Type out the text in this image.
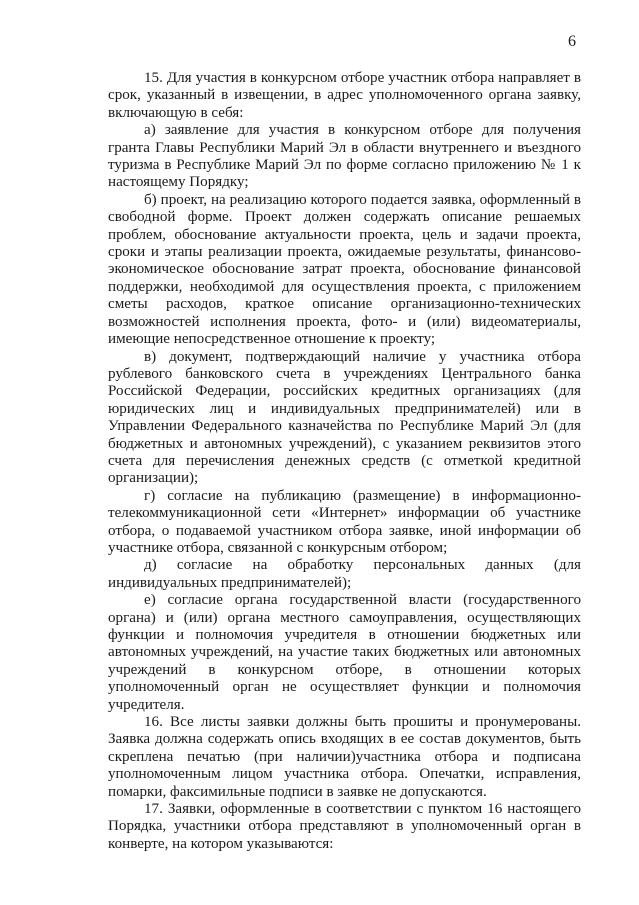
6

15. Для участия в конкурсном отборе участник отбора направляет в срок, указанный в извещении, в адрес уполномоченного органа заявку, включающую в себя:

а) заявление для участия в конкурсном отборе для получения гранта Главы Республики Марий Эл в области внутреннего и въездного туризма в Республике Марий Эл по форме согласно приложению № 1 к настоящему Порядку;

б) проект, на реализацию которого подается заявка, оформленный в свободной форме. Проект должен содержать описание решаемых проблем, обоснование актуальности проекта, цель и задачи проекта, сроки и этапы реализации проекта, ожидаемые результаты, финансово-экономическое обоснование затрат проекта, обоснование финансовой поддержки, необходимой для осуществления проекта, с приложением сметы расходов, краткое описание организационно-технических возможностей исполнения проекта, фото- и (или) видеоматериалы, имеющие непосредственное отношение к проекту;

в) документ, подтверждающий наличие у участника отбора рублевого банковского счета в учреждениях Центрального банка Российской Федерации, российских кредитных организациях (для юридических лиц и индивидуальных предпринимателей) или в Управлении Федерального казначейства по Республике Марий Эл (для бюджетных и автономных учреждений), с указанием реквизитов этого счета для перечисления денежных средств (с отметкой кредитной организации);

г) согласие на публикацию (размещение) в информационно-телекоммуникационной сети «Интернет» информации об участнике отбора, о подаваемой участником отбора заявке, иной информации об участнике отбора, связанной с конкурсным отбором;

д) согласие на обработку персональных данных (для индивидуальных предпринимателей);

е) согласие органа государственной власти (государственного органа) и (или) органа местного самоуправления, осуществляющих функции и полномочия учредителя в отношении бюджетных или автономных учреждений, на участие таких бюджетных или автономных учреждений в конкурсном отборе, в отношении которых уполномоченный орган не осуществляет функции и полномочия учредителя.

16. Все листы заявки должны быть прошиты и пронумерованы. Заявка должна содержать опись входящих в ее состав документов, быть скреплена печатью (при наличии)участника отбора и подписана уполномоченным лицом участника отбора. Опечатки, исправления, помарки, факсимильные подписи в заявке не допускаются.

17. Заявки, оформленные в соответствии с пунктом 16 настоящего Порядка, участники отбора представляют в уполномоченный орган в конверте, на котором указываются:
